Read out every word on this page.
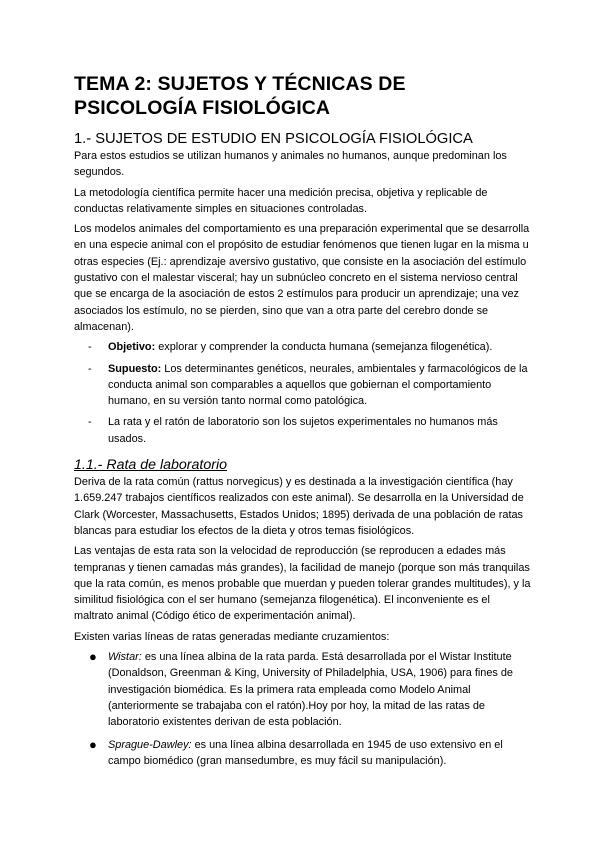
TEMA 2: SUJETOS Y TÉCNICAS DE PSICOLOGÍA FISIOLÓGICA
1.- SUJETOS DE ESTUDIO EN PSICOLOGÍA FISIOLÓGICA

Para estos estudios se utilizan humanos y animales no humanos, aunque predominan los segundos.

La metodología científica permite hacer una medición precisa, objetiva y replicable de conductas relativamente simples en situaciones controladas.

Los modelos animales del comportamiento es una preparación experimental que se desarrolla en una especie animal con el propósito de estudiar fenómenos que tienen lugar en la misma u otras especies (Ej.: aprendizaje aversivo gustativo, que consiste en la asociación del estímulo gustativo con el malestar visceral; hay un subnúcleo concreto en el sistema nervioso central que se encarga de la asociación de estos 2 estímulos para producir un aprendizaje; una vez asociados los estímulo, no se pierden, sino que van a otra parte del cerebro donde se almacenan).

- Objetivo: explorar y comprender la conducta humana (semejanza filogenética).
- Supuesto: Los determinantes genéticos, neurales, ambientales y farmacológicos de la conducta animal son comparables a aquellos que gobiernan el comportamiento humano, en su versión tanto normal como patológica.
- La rata y el ratón de laboratorio son los sujetos experimentales no humanos más usados.
1.1.- Rata de laboratorio

Deriva de la rata común (rattus norvegicus) y es destinada a la investigación científica (hay 1.659.247 trabajos científicos realizados con este animal). Se desarrolla en la Universidad de Clark (Worcester, Massachusetts, Estados Unidos; 1895) derivada de una población de ratas blancas para estudiar los efectos de la dieta y otros temas fisiológicos.

Las ventajas de esta rata son la velocidad de reproducción (se reproducen a edades más tempranas y tienen camadas más grandes), la facilidad de manejo (porque son más tranquilas que la rata común, es menos probable que muerdan y pueden tolerar grandes multitudes), y la similitud fisiológica con el ser humano (semejanza filogenética). El inconveniente es el maltrato animal (Código ético de experimentación animal).

Existen varias líneas de ratas generadas mediante cruzamientos:

● Wistar: es una línea albina de la rata parda. Está desarrollada por el Wistar Institute (Donaldson, Greenman & King, University of Philadelphia, USA, 1906) para fines de investigación biomédica. Es la primera rata empleada como Modelo Animal (anteriormente se trabajaba con el ratón).Hoy por hoy, la mitad de las ratas de laboratorio existentes derivan de esta población.
● Sprague-Dawley: es una línea albina desarrollada en 1945 de uso extensivo en el campo biomédico (gran mansedumbre, es muy fácil su manipulación).
